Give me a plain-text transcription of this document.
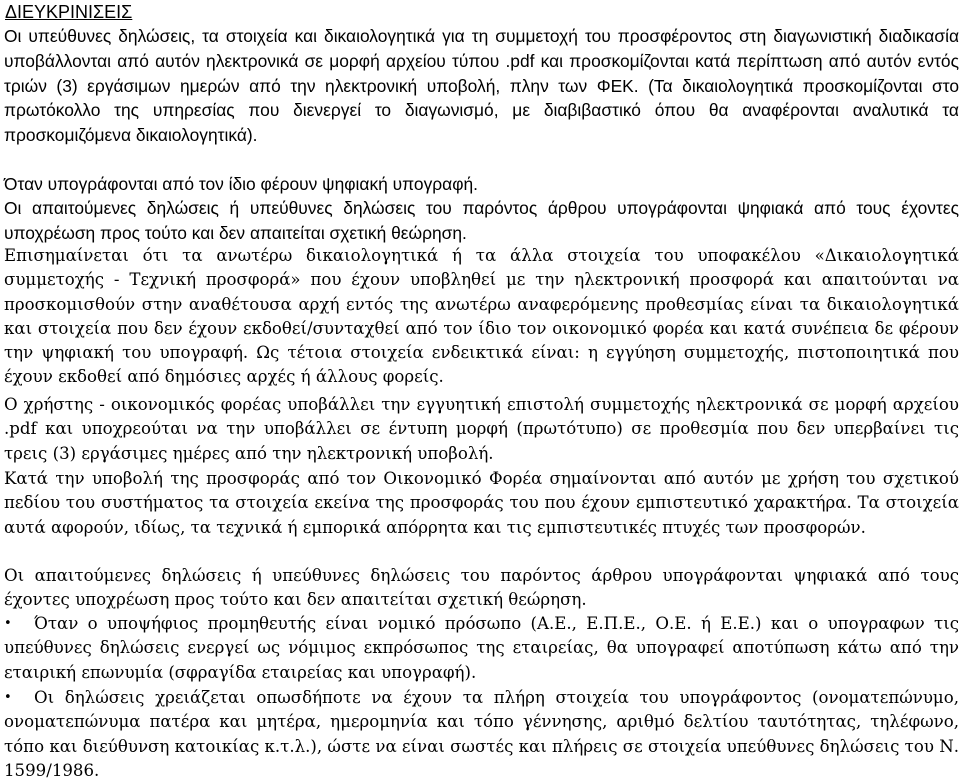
ΔΙΕΥΚΡΙΝΙΣΕΙΣ
Οι υπεύθυνες δηλώσεις, τα στοιχεία και δικαιολογητικά για τη συμμετοχή του προσφέροντος στη διαγωνιστική διαδικασία υποβάλλονται από αυτόν ηλεκτρονικά σε μορφή αρχείου τύπου .pdf και προσκομίζονται κατά περίπτωση από αυτόν εντός τριών (3) εργάσιμων ημερών από την ηλεκτρονική υποβολή, πλην των ΦΕΚ. (Τα δικαιολογητικά προσκομίζονται στο πρωτόκολλο της υπηρεσίας που διενεργεί το διαγωνισμό, με διαβιβαστικό όπου θα αναφέρονται αναλυτικά τα προσκομιζόμενα δικαιολογητικά).
Όταν υπογράφονται από τον ίδιο φέρουν ψηφιακή υπογραφή.
Οι απαιτούμενες δηλώσεις ή υπεύθυνες δηλώσεις του παρόντος άρθρου υπογράφονται ψηφιακά από τους έχοντες υποχρέωση προς τούτο και δεν απαιτείται σχετική θεώρηση.
Επισημαίνεται ότι τα ανωτέρω δικαιολογητικά ή τα άλλα στοιχεία του υποφακέλου «Δικαιολογητικά συμμετοχής - Τεχνική προσφορά» που έχουν υποβληθεί με την ηλεκτρονική προσφορά και απαιτούνται να προσκομισθούν στην αναθέτουσα αρχή εντός της ανωτέρω αναφερόμενης προθεσμίας είναι τα δικαιολογητικά και στοιχεία που δεν έχουν εκδοθεί/συνταχθεί από τον ίδιο τον οικονομικό φορέα και κατά συνέπεια δε φέρουν την ψηφιακή του υπογραφή. Ως τέτοια στοιχεία ενδεικτικά είναι: η εγγύηση συμμετοχής, πιστοποιητικά που έχουν εκδοθεί από δημόσιες αρχές ή άλλους φορείς.
Ο χρήστης - οικονομικός φορέας υποβάλλει την εγγυητική επιστολή συμμετοχής ηλεκτρονικά σε μορφή αρχείου .pdf και υποχρεούται να την υποβάλλει σε έντυπη μορφή (πρωτότυπο) σε προθεσμία που δεν υπερβαίνει τις τρεις (3) εργάσιμες ημέρες από την ηλεκτρονική υποβολή.
Κατά την υποβολή της προσφοράς από τον Οικονομικό Φορέα σημαίνονται από αυτόν με χρήση του σχετικού πεδίου του συστήματος τα στοιχεία εκείνα της προσφοράς του που έχουν εμπιστευτικό χαρακτήρα. Τα στοιχεία αυτά αφορούν, ιδίως, τα τεχνικά ή εμπορικά απόρρητα και τις εμπιστευτικές πτυχές των προσφορών.
Οι απαιτούμενες δηλώσεις ή υπεύθυνες δηλώσεις του παρόντος άρθρου υπογράφονται ψηφιακά από τους έχοντες υποχρέωση προς τούτο και δεν απαιτείται σχετική θεώρηση.
•	Όταν ο υποψήφιος προμηθευτής είναι νομικό πρόσωπο (Α.Ε., Ε.Π.Ε., Ο.Ε. ή Ε.Ε.) και ο υπογραφων τις υπεύθυνες δηλώσεις ενεργεί ως νόμιμος εκπρόσωπος της εταιρείας, θα υπογραφεί αποτύπωση κάτω από την εταιρική επωνυμία (σφραγίδα εταιρείας και υπογραφή).
•	Οι δηλώσεις χρειάζεται οπωσδήποτε να έχουν τα πλήρη στοιχεία του υπογράφοντος (ονοματεπώνυμο, ονοματεπώνυμα πατέρα και μητέρα, ημερομηνία και τόπο γέννησης, αριθμό δελτίου ταυτότητας, τηλέφωνο, τόπο και διεύθυνση κατοικίας κ.τ.λ.), ώστε να είναι σωστές και πλήρεις σε στοιχεία υπεύθυνες δηλώσεις του Ν. 1599/1986.
